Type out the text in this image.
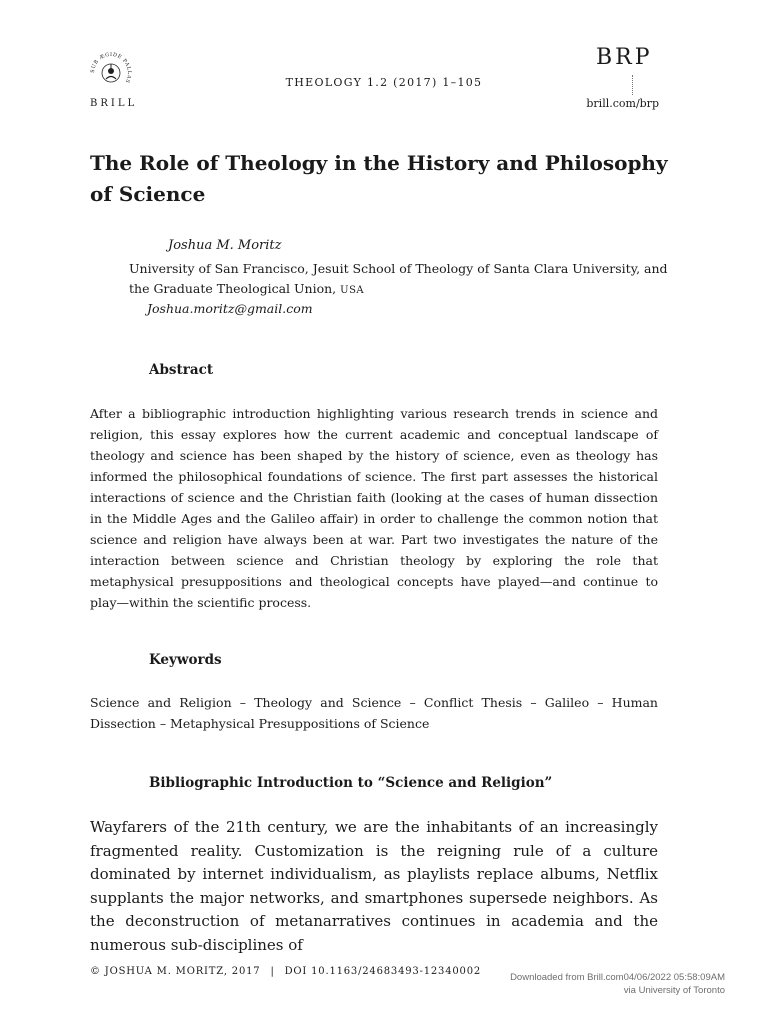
SUB ÆGIDE PALLAS
BRILL
THEOLOGY 1.2 (2017) 1–105
BRP
brill.com/brp
The Role of Theology in the History and Philosophy of Science
Joshua M. Moritz
University of San Francisco, Jesuit School of Theology of Santa Clara University, and the Graduate Theological Union, USA
Joshua.moritz@gmail.com
Abstract
After a bibliographic introduction highlighting various research trends in science and religion, this essay explores how the current academic and conceptual landscape of theology and science has been shaped by the history of science, even as theology has informed the philosophical foundations of science. The first part assesses the historical interactions of science and the Christian faith (looking at the cases of human dissection in the Middle Ages and the Galileo affair) in order to challenge the common notion that science and religion have always been at war. Part two investigates the nature of the interaction between science and Christian theology by exploring the role that metaphysical presuppositions and theological concepts have played—and continue to play—within the scientific process.
Keywords
Science and Religion – Theology and Science – Conflict Thesis – Galileo – Human Dissection – Metaphysical Presuppositions of Science
Bibliographic Introduction to “Science and Religion”
Wayfarers of the 21th century, we are the inhabitants of an increasingly fragmented reality. Customization is the reigning rule of a culture dominated by internet individualism, as playlists replace albums, Netflix supplants the major networks, and smartphones supersede neighbors. As the deconstruction of metanarratives continues in academia and the numerous sub-disciplines of
© JOSHUA M. MORITZ, 2017 | DOI 10.1163/24683493-12340002
Downloaded from Brill.com04/06/2022 05:58:09AM
via University of Toronto
